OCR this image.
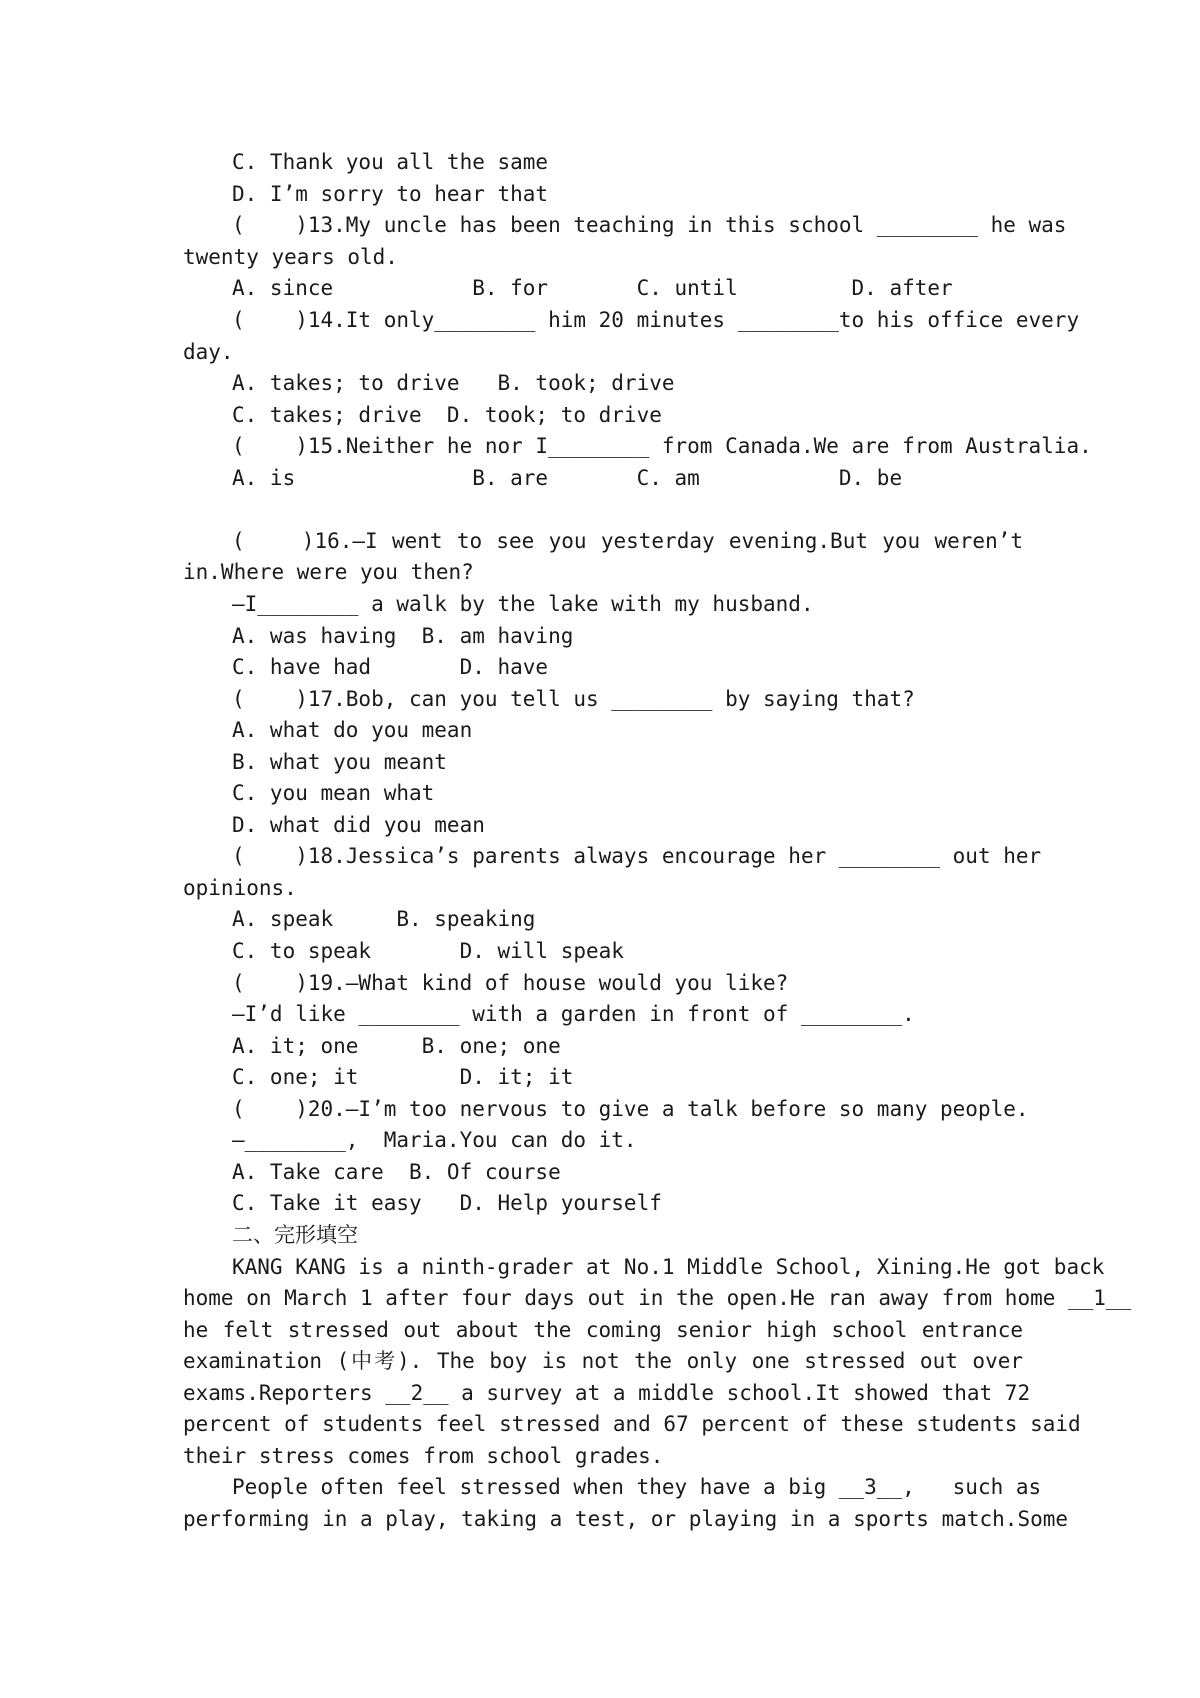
C. Thank you all the same
D. I’m sorry to hear that
(    )13.My uncle has been teaching in this school ________ he was
twenty years old.
A. since           B. for       C. until         D. after
(    )14.It only________ him 20 minutes ________to his office every
day.
A. takes; to drive   B. took; drive
C. takes; drive  D. took; to drive
(    )15.Neither he nor I________ from Canada.We are from Australia.
A. is              B. are       C. am           D. be
(    )16.—I went to see you yesterday evening.But you weren’t
in.Where were you then?
—I________ a walk by the lake with my husband.
A. was having  B. am having
C. have had       D. have
(    )17.Bob, can you tell us ________ by saying that?
A. what do you mean
B. what you meant
C. you mean what
D. what did you mean
(    )18.Jessica’s parents always encourage her ________ out her
opinions.
A. speak     B. speaking
C. to speak       D. will speak
(    )19.—What kind of house would you like?
—I’d like ________ with a garden in front of ________.
A. it; one     B. one; one
C. one; it        D. it; it
(    )20.—I’m too nervous to give a talk before so many people.
—________,  Maria.You can do it.
A. Take care  B. Of course
C. Take it easy   D. Help yourself
二、完形填空
KANG KANG is a ninth-grader at No.1 Middle School, Xining.He got back
home on March 1 after four days out in the open.He ran away from home __1__
he felt stressed out about the coming senior high school entrance
examination (中考). The boy is not the only one stressed out over
exams.Reporters __2__ a survey at a middle school.It showed that 72
percent of students feel stressed and 67 percent of these students said
their stress comes from school grades.
People often feel stressed when they have a big __3__,   such as
performing in a play, taking a test, or playing in a sports match.Some
